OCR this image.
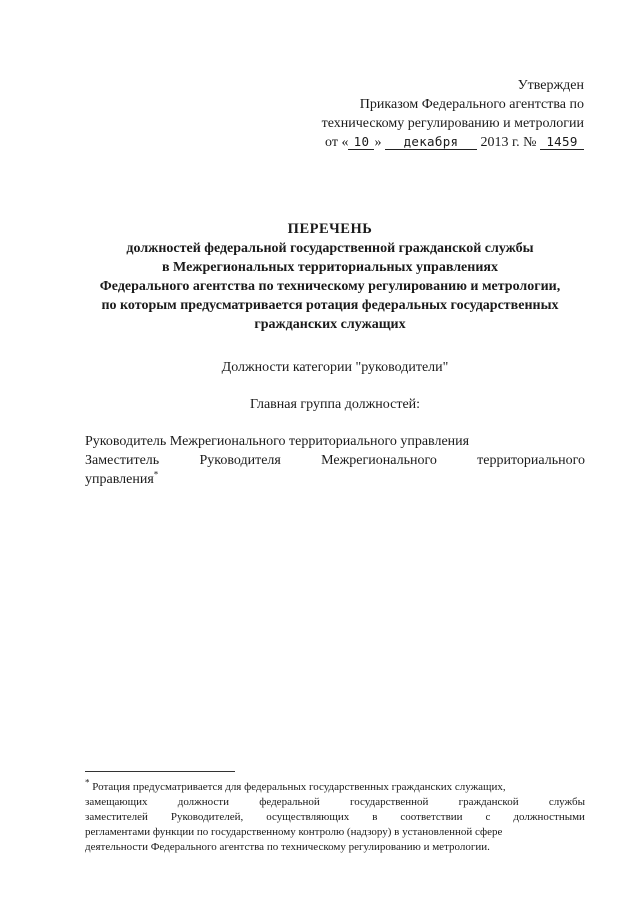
Утвержден
Приказом Федерального агентства по
техническому регулированию и метрологии
от « 10 » декабря 2013 г. № 1459
ПЕРЕЧЕНЬ
должностей федеральной государственной гражданской службы
в Межрегиональных территориальных управлениях
Федерального агентства по техническому регулированию и метрологии,
по которым предусматривается ротация федеральных государственных
гражданских служащих
Должности категории "руководители"
Главная группа должностей:
Руководитель Межрегионального территориального управления
Заместитель	Руководителя	Межрегионального	территориального
управления*
* Ротация предусматривается для федеральных государственных гражданских служащих,
замещающих	должности	федеральной	государственной	гражданской	службы
заместителей Руководителей, осуществляющих в соответствии с должностными
регламентами функции по государственному контролю (надзору) в установленной сфере
деятельности Федерального агентства по техническому регулированию и метрологии.
